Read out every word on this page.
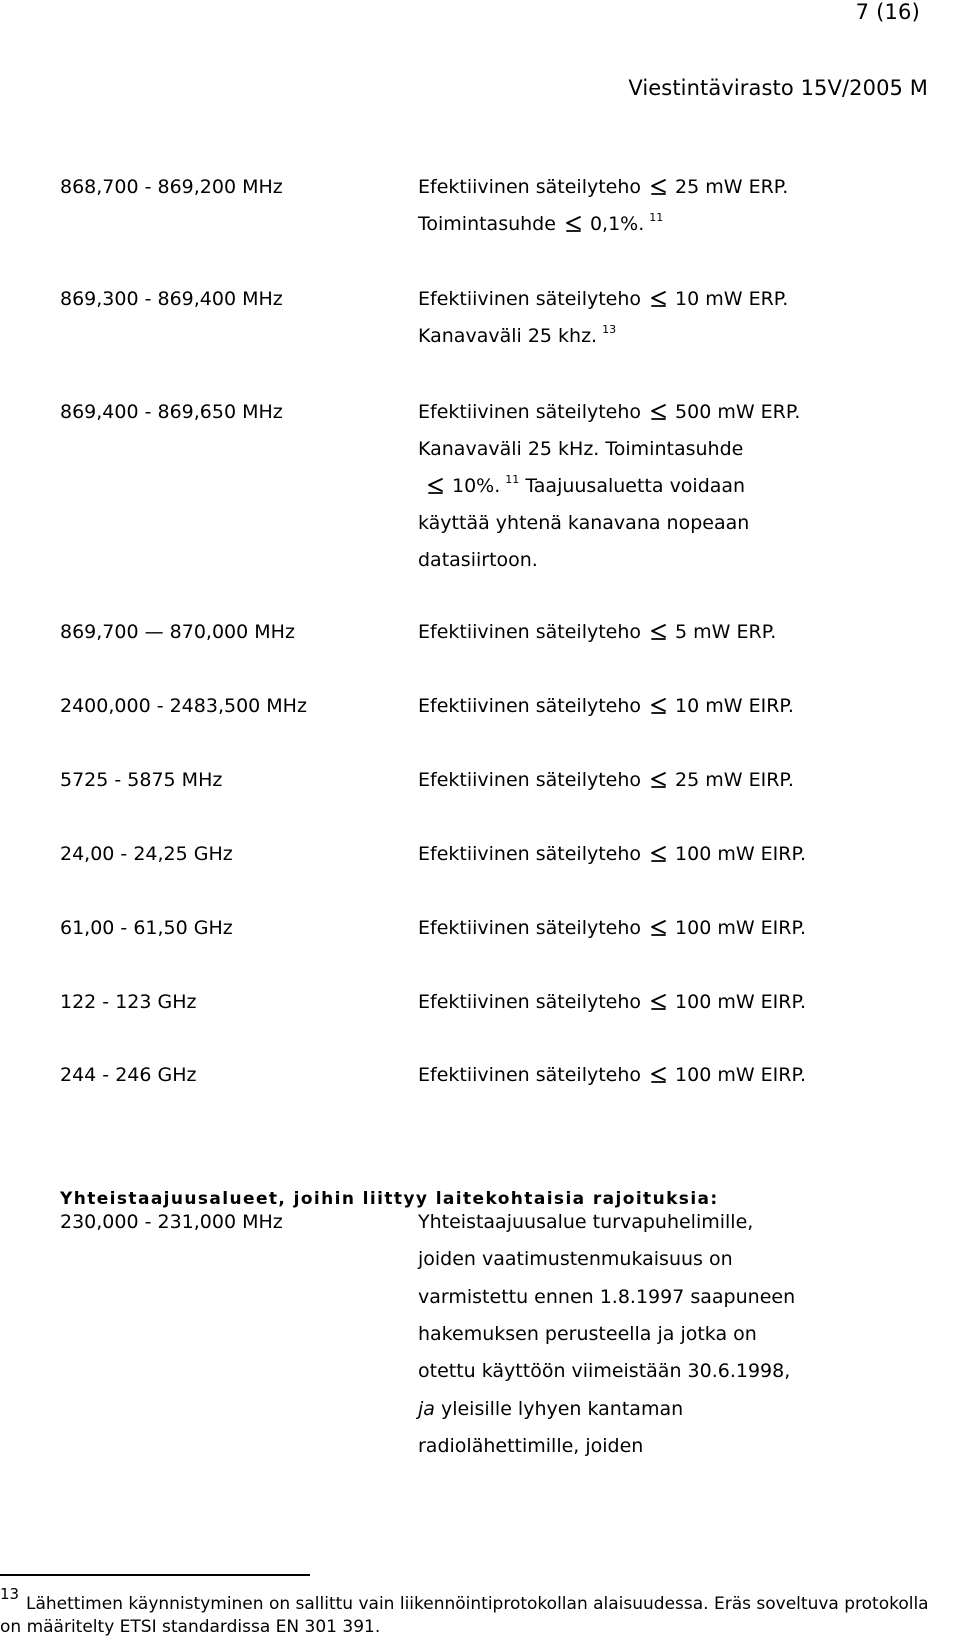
7 (16)
Viestintävirasto 15V/2005 M
868,700 - 869,200 MHz	Efektiivinen säteilyteho 25 mW ERP.
Toimintasuhde 0,1%. $^{11}$
869,300 - 869,400 MHz	Efektiivinen säteilyteho 10 mW ERP.
Kanavaväli 25 khz. $^{13}$
869,400 - 869,650 MHz	Efektiivinen säteilyteho 500 mW ERP.
Kanavaväli 25 kHz. Toimintasuhde
10%. $^{11}$ Taajuusaluetta voidaan
käyttää yhtenä kanavana nopeaan
datasiirtoon.
869,700 — 870,000 MHz	Efektiivinen säteilyteho 5 mW ERP.
2400,000 - 2483,500 MHz	Efektiivinen säteilyteho 10 mW EIRP.
5725 - 5875 MHz	Efektiivinen säteilyteho 25 mW EIRP.
24,00 - 24,25 GHz	Efektiivinen säteilyteho 100 mW EIRP.
61,00 - 61,50 GHz	Efektiivinen säteilyteho 100 mW EIRP.
122 - 123 GHz	Efektiivinen säteilyteho 100 mW EIRP.
244 - 246 GHz	Efektiivinen säteilyteho 100 mW EIRP.
230,000 - 231,000 MHz	Yhteistaajuusalue turvapuhelimille,
joiden vaatimustenmukaisuus on
varmistettu ennen 1.8.1997 saapuneen
hakemuksen perusteella ja jotka on
otettu käyttöön viimeistään 30.6.1998,
ja yleisille lyhyen kantaman
radiolähettimille, joiden
Yhteistaajuusalueet, joihin liittyy laitekohtaisia rajoituksia:
13 Lähettimen käynnistyminen on sallittu vain liikennöintiprotokollan alaisuudessa. Eräs soveltuva protokolla on määritelty ETSI standardissa EN 301 391.
